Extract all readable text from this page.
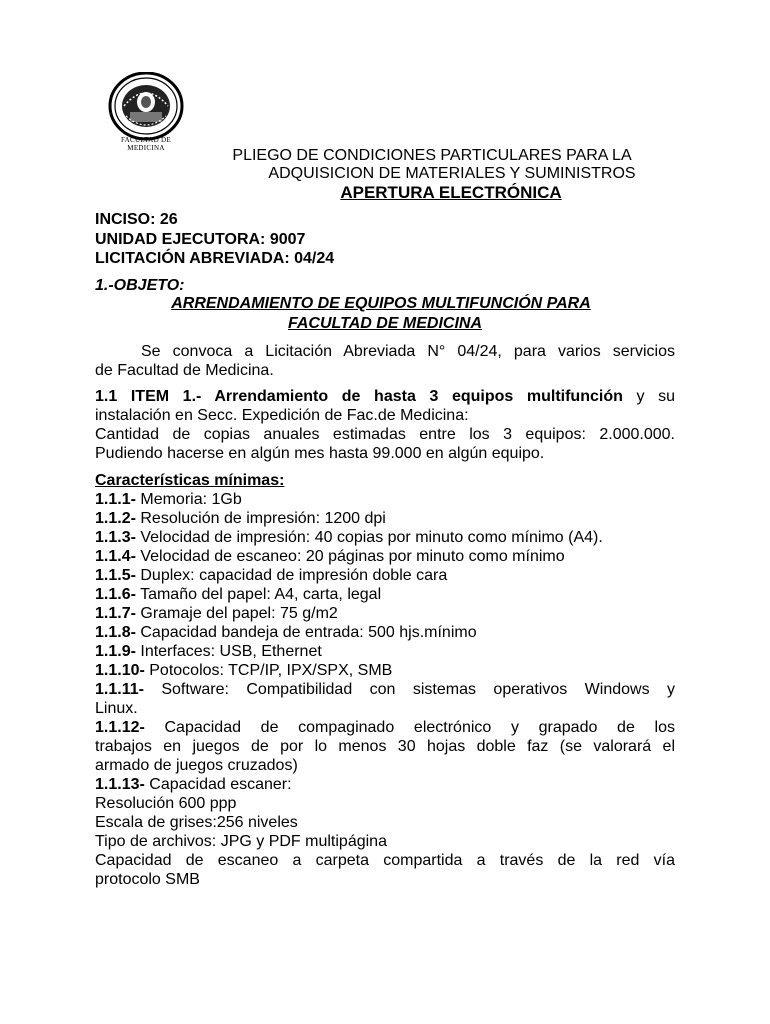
FACULTAD DE
MEDICINA	PLIEGO DE CONDICIONES PARTICULARES PARA LA
ADQUISICION DE MATERIALES Y SUMINISTROS
APERTURA ELECTRÓNICA
INCISO: 26
UNIDAD EJECUTORA: 9007
LICITACIÓN ABREVIADA: 04/24
1.-OBJETO:
ARRENDAMIENTO DE EQUIPOS MULTIFUNCIÓN PARA
FACULTAD DE MEDICINA
Se convoca a Licitación Abreviada N° 04/24, para varios servicios
de Facultad de Medicina.
1.1 ITEM 1.- Arrendamiento de hasta 3 equipos multifunción y su
instalación en Secc. Expedición de Fac.de Medicina:
Cantidad de copias anuales estimadas entre los 3 equipos: 2.000.000.
Pudiendo hacerse en algún mes hasta 99.000 en algún equipo.
Características mínimas:
1.1.1- Memoria: 1Gb
1.1.2- Resolución de impresión: 1200 dpi
1.1.3- Velocidad de impresión: 40 copias por minuto como mínimo (A4).
1.1.4- Velocidad de escaneo: 20 páginas por minuto como mínimo
1.1.5- Duplex: capacidad de impresión doble cara
1.1.6- Tamaño del papel: A4, carta, legal
1.1.7- Gramaje del papel: 75 g/m2
1.1.8- Capacidad bandeja de entrada: 500 hjs.mínimo
1.1.9- Interfaces: USB, Ethernet
1.1.10- Potocolos: TCP/IP, IPX/SPX, SMB
1.1.11- Software: Compatibilidad con sistemas operativos Windows y
Linux.
1.1.12- Capacidad de compaginado electrónico y grapado de los
trabajos en juegos de por lo menos 30 hojas doble faz (se valorará el
armado de juegos cruzados)
1.1.13- Capacidad escaner:
Resolución 600 ppp
Escala de grises:256 niveles
Tipo de archivos: JPG y PDF multipágina
Capacidad de escaneo a carpeta compartida a través de la red vía
protocolo SMB
